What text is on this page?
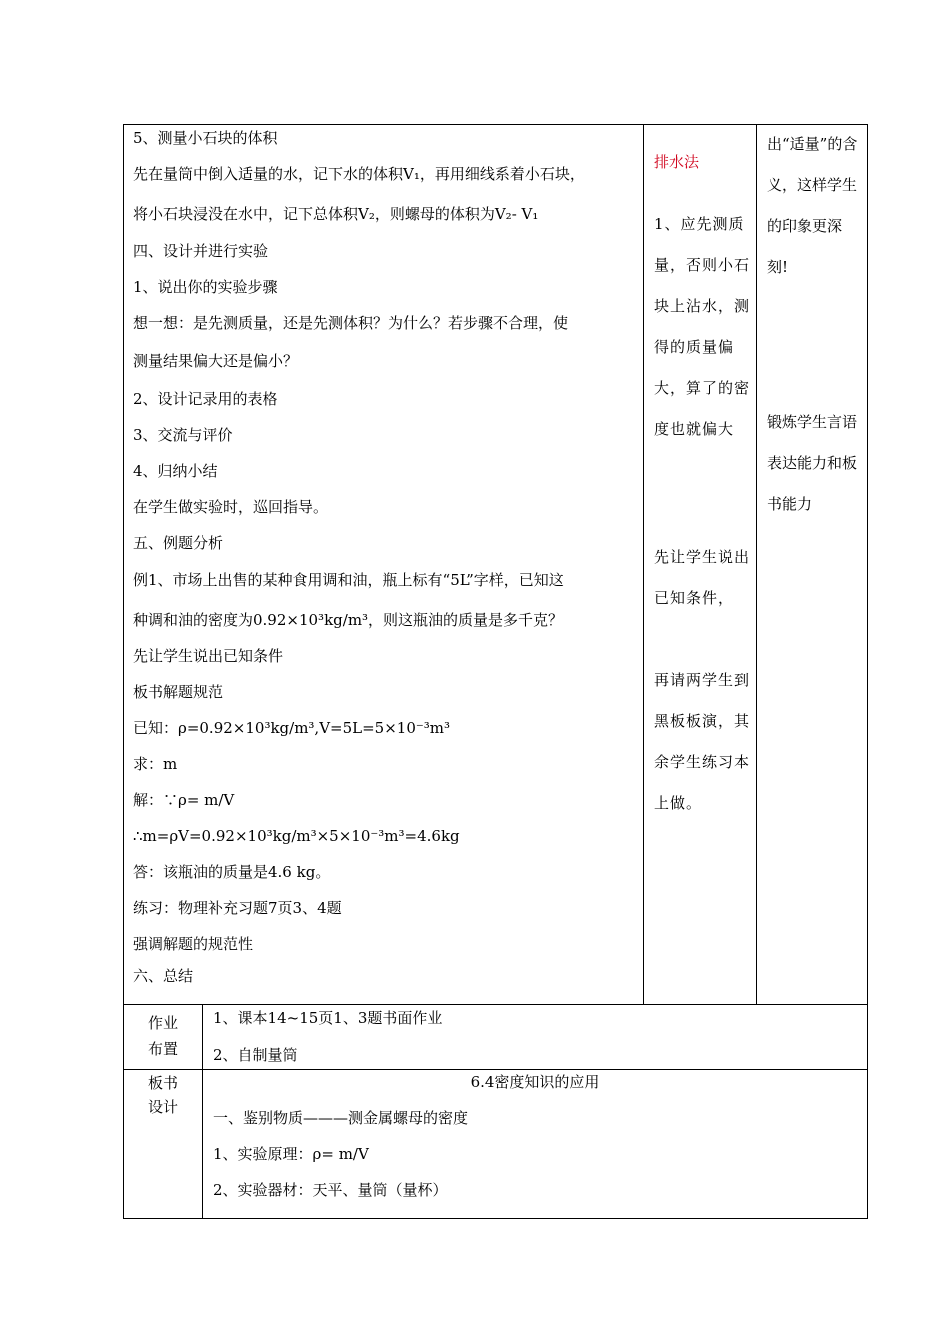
5、测量小石块的体积
先在量筒中倒入适量的水，记下水的体积V₁，再用细线系着小石块，
将小石块浸没在水中，记下总体积V₂，则螺母的体积为V₂- V₁
四、设计并进行实验
1、说出你的实验步骤
想一想：是先测质量，还是先测体积？为什么？若步骤不合理，使
测量结果偏大还是偏小？
2、设计记录用的表格
3、交流与评价
4、归纳小结
在学生做实验时，巡回指导。
五、例题分析
例1、市场上出售的某种食用调和油，瓶上标有“5L”字样，已知这
种调和油的密度为0.92×10³kg/m³，则这瓶油的质量是多千克？
先让学生说出已知条件
板书解题规范
已知：ρ=0.92×10³kg/m³,V=5L=5×10⁻³m³
求：m
解：∵ρ= m/V
∴m=ρV=0.92×10³kg/m³×5×10⁻³m³=4.6kg
答：该瓶油的质量是4.6 kg。
练习：物理补充习题7页3、4题
强调解题的规范性
六、总结
排水法
1、应先测质量，否则小石块上沾水，测得的质量偏大，算了的密度也就偏大
先让学生说出已知条件，
再请两学生到黑板板演，其余学生练习本上做。
出“适量”的含义，这样学生的印象更深刻!
锻炼学生言语表达能力和板书能力
作业
布置
1、课本14~15页1、3题书面作业
2、自制量筒
板书
设计
6.4密度知识的应用
一、鉴别物质———测金属螺母的密度
1、实验原理：ρ= m/V
2、实验器材：天平、量筒（量杯）
